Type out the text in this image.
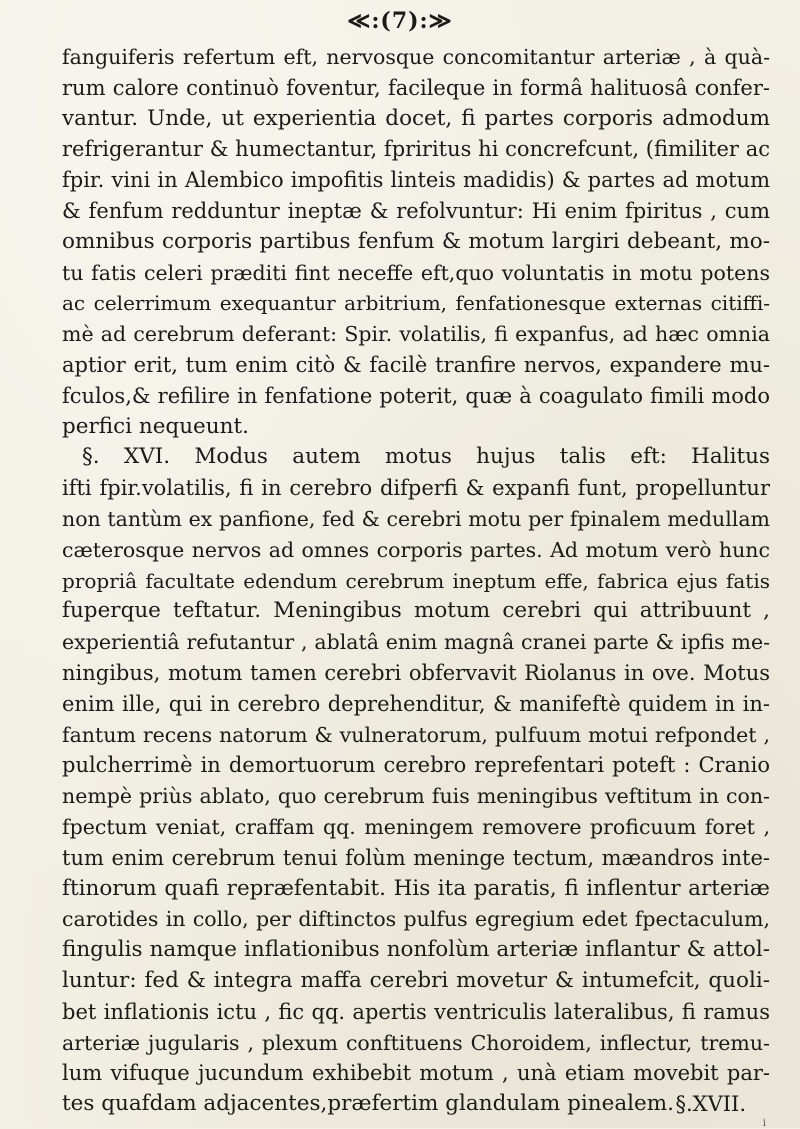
≪:(7):≫
fanguiferis refertum eft, nervosque concomitantur arteriæ , à quà-
rum calore continuò foventur, facileque in formâ halituosâ confer-
vantur. Unde, ut experientia docet, fi partes corporis admodum
refrigerantur & humectantur, fpriritus hi concrefcunt, (fimiliter ac
fpir. vini in Alembico impofitis linteis madidis) & partes ad motum
& fenfum redduntur ineptæ & refolvuntur: Hi enim fpiritus , cum
omnibus corporis partibus fenfum & motum largiri debeant, mo-
tu fatis celeri præditi fint neceffe eft,quo voluntatis in motu potens
ac celerrimum exequantur arbitrium, fenfationesque externas citiffi-
mè ad cerebrum deferant: Spir. volatilis, fi expanfus, ad hæc omnia
aptior erit, tum enim citò & facilè tranfire nervos, expandere mu-
fculos,& refilire in fenfatione poterit, quæ à coagulato fimili modo
perfici nequeunt.
§. XVI. Modus autem motus hujus talis eft: Halitus
ifti fpir.volatilis, fi in cerebro difperfi & expanfi funt, propelluntur
non tantùm ex panfione, fed & cerebri motu per fpinalem medullam
cæterosque nervos ad omnes corporis partes. Ad motum verò hunc
propriâ facultate edendum cerebrum ineptum effe, fabrica ejus fatis
fuperque teftatur. Meningibus motum cerebri qui attribuunt ,
experientiâ refutantur , ablatâ enim magnâ cranei parte & ipfis me-
ningibus, motum tamen cerebri obfervavit Riolanus in ove. Motus
enim ille, qui in cerebro deprehenditur, & manifeftè quidem in in-
fantum recens natorum & vulneratorum, pulfuum motui refpondet ,
pulcherrimè in demortuorum cerebro reprefentari poteft : Cranio
nempè priùs ablato, quo cerebrum fuis meningibus veftitum in con-
fpectum veniat, craffam qq. meningem removere proficuum foret ,
tum enim cerebrum tenui folùm meninge tectum, mæandros inte-
ftinorum quafi repræfentabit. His ita paratis, fi inflentur arteriæ
carotides in collo, per diftinctos pulfus egregium edet fpectaculum,
fingulis namque inflationibus nonfolùm arteriæ inflantur & attol-
luntur: fed & integra maffa cerebri movetur & intumefcit, quoli-
bet inflationis ictu , fic qq. apertis ventriculis lateralibus, fi ramus
arteriæ jugularis , plexum conftituens Choroidem, inflectur, tremu-
lum vifuque jucundum exhibebit motum , unà etiam movebit par-
tes quafdam adjacentes,præfertim glandulam pinealem. §.XVII.
i
